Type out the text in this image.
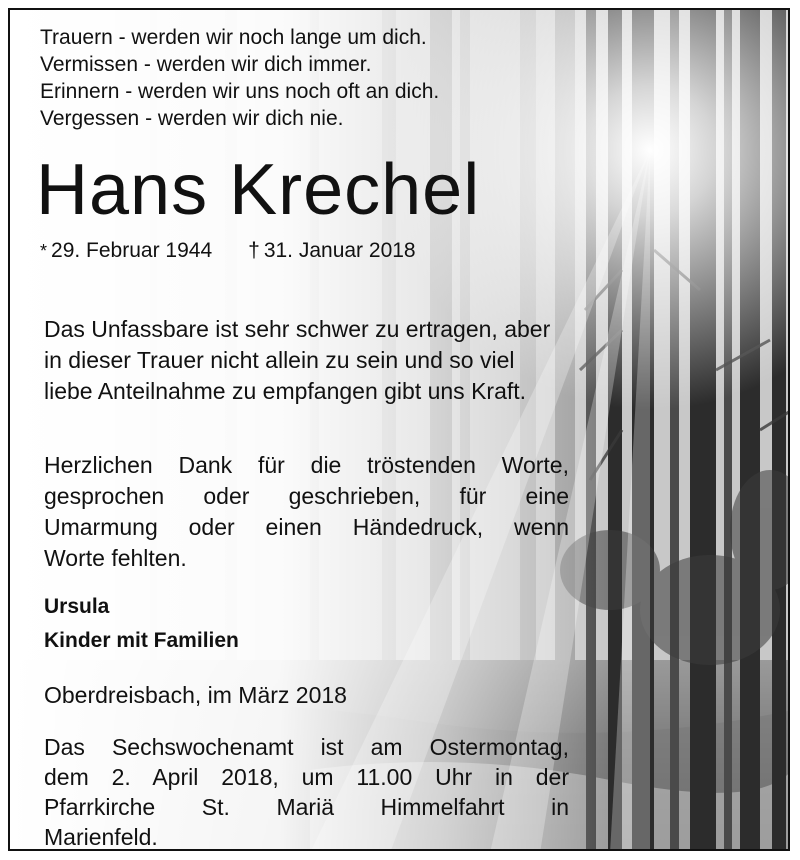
Trauern - werden wir noch lange um dich.
Vermissen - werden wir dich immer.
Erinnern - werden wir uns noch oft an dich.
Vergessen - werden wir dich nie.
Hans Krechel
* 29. Februar 1944 † 31. Januar 2018
Das Unfassbare ist sehr schwer zu ertragen, aber in dieser Trauer nicht allein zu sein und so viel liebe Anteilnahme zu empfangen gibt uns Kraft.
Herzlichen Dank für die tröstenden Worte,
gesprochen oder geschrieben, für eine
Umarmung oder einen Händedruck, wenn
Worte fehlten.
Ursula
Kinder mit Familien
Oberdreisbach, im März 2018
Das Sechswochenamt ist am Ostermontag,
dem 2. April 2018, um 11.00 Uhr in der
Pfarrkirche St. Mariä Himmelfahrt in
Marienfeld.
